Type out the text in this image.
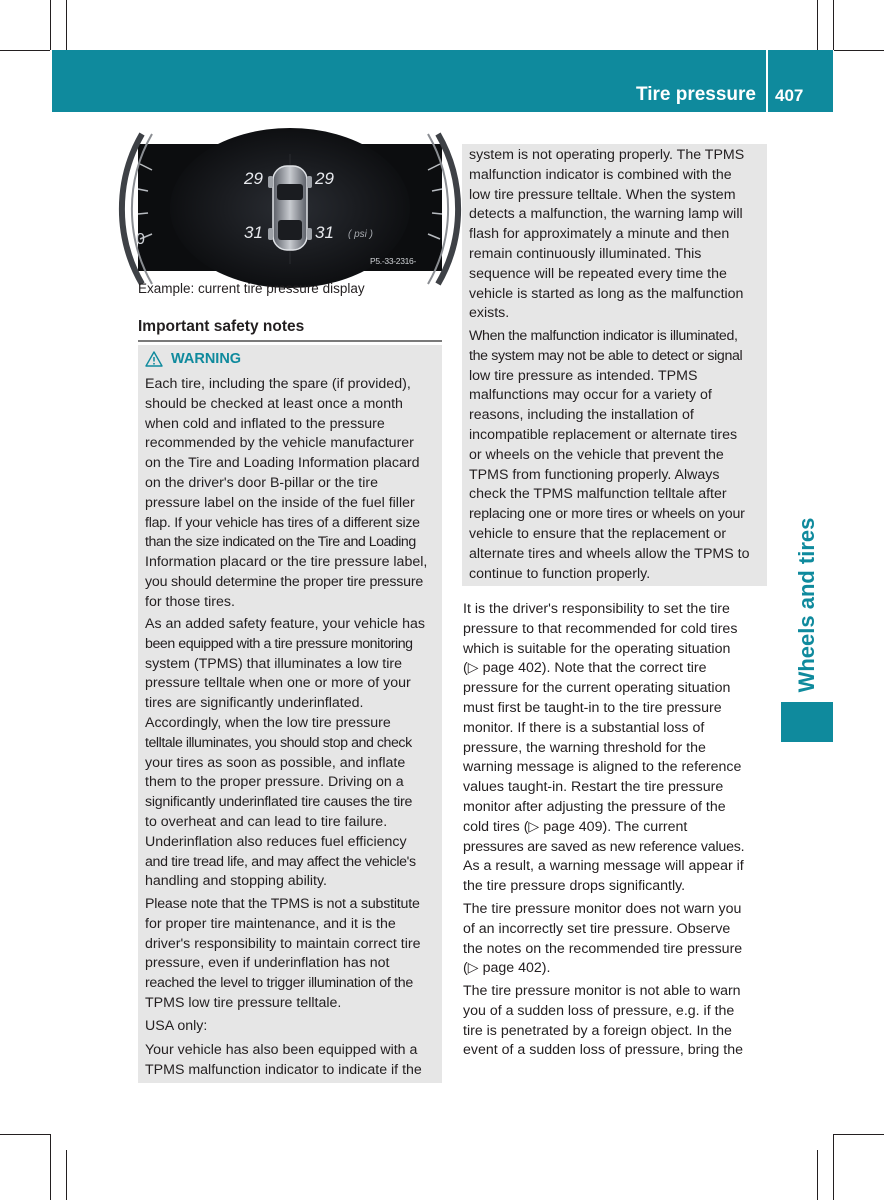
Tire pressure 407
Wheels and tires
0
29	29
31	31 ( psi )
P5.-33-2316-
Example: current tire pressure display
Important safety notes
WARNING
Each tire, including the spare (if provided),
should be checked at least once a month
when cold and inflated to the pressure
recommended by the vehicle manufacturer
on the Tire and Loading Information placard
on the driver's door B-pillar or the tire
pressure label on the inside of the fuel filler
flap. If your vehicle has tires of a different size
than the size indicated on the Tire and Loading
Information placard or the tire pressure label,
you should determine the proper tire pressure
for those tires.
As an added safety feature, your vehicle has
been equipped with a tire pressure monitoring
system (TPMS) that illuminates a low tire
pressure telltale when one or more of your
tires are significantly underinflated.
Accordingly, when the low tire pressure
telltale illuminates, you should stop and check
your tires as soon as possible, and inflate
them to the proper pressure. Driving on a
significantly underinflated tire causes the tire
to overheat and can lead to tire failure.
Underinflation also reduces fuel efficiency
and tire tread life, and may affect the vehicle's
handling and stopping ability.
Please note that the TPMS is not a substitute
for proper tire maintenance, and it is the
driver's responsibility to maintain correct tire
pressure, even if underinflation has not
reached the level to trigger illumination of the
TPMS low tire pressure telltale.
USA only:
Your vehicle has also been equipped with a
TPMS malfunction indicator to indicate if the
system is not operating properly. The TPMS
malfunction indicator is combined with the
low tire pressure telltale. When the system
detects a malfunction, the warning lamp will
flash for approximately a minute and then
remain continuously illuminated. This
sequence will be repeated every time the
vehicle is started as long as the malfunction
exists.
When the malfunction indicator is illuminated,
the system may not be able to detect or signal
low tire pressure as intended. TPMS
malfunctions may occur for a variety of
reasons, including the installation of
incompatible replacement or alternate tires
or wheels on the vehicle that prevent the
TPMS from functioning properly. Always
check the TPMS malfunction telltale after
replacing one or more tires or wheels on your
vehicle to ensure that the replacement or
alternate tires and wheels allow the TPMS to
continue to function properly.
It is the driver's responsibility to set the tire
pressure to that recommended for cold tires
which is suitable for the operating situation
(▷ page 402). Note that the correct tire
pressure for the current operating situation
must first be taught-in to the tire pressure
monitor. If there is a substantial loss of
pressure, the warning threshold for the
warning message is aligned to the reference
values taught-in. Restart the tire pressure
monitor after adjusting the pressure of the
cold tires (▷ page 409). The current
pressures are saved as new reference values.
As a result, a warning message will appear if
the tire pressure drops significantly.
The tire pressure monitor does not warn you
of an incorrectly set tire pressure. Observe
the notes on the recommended tire pressure
(▷ page 402).
The tire pressure monitor is not able to warn
you of a sudden loss of pressure, e.g. if the
tire is penetrated by a foreign object. In the
event of a sudden loss of pressure, bring the
